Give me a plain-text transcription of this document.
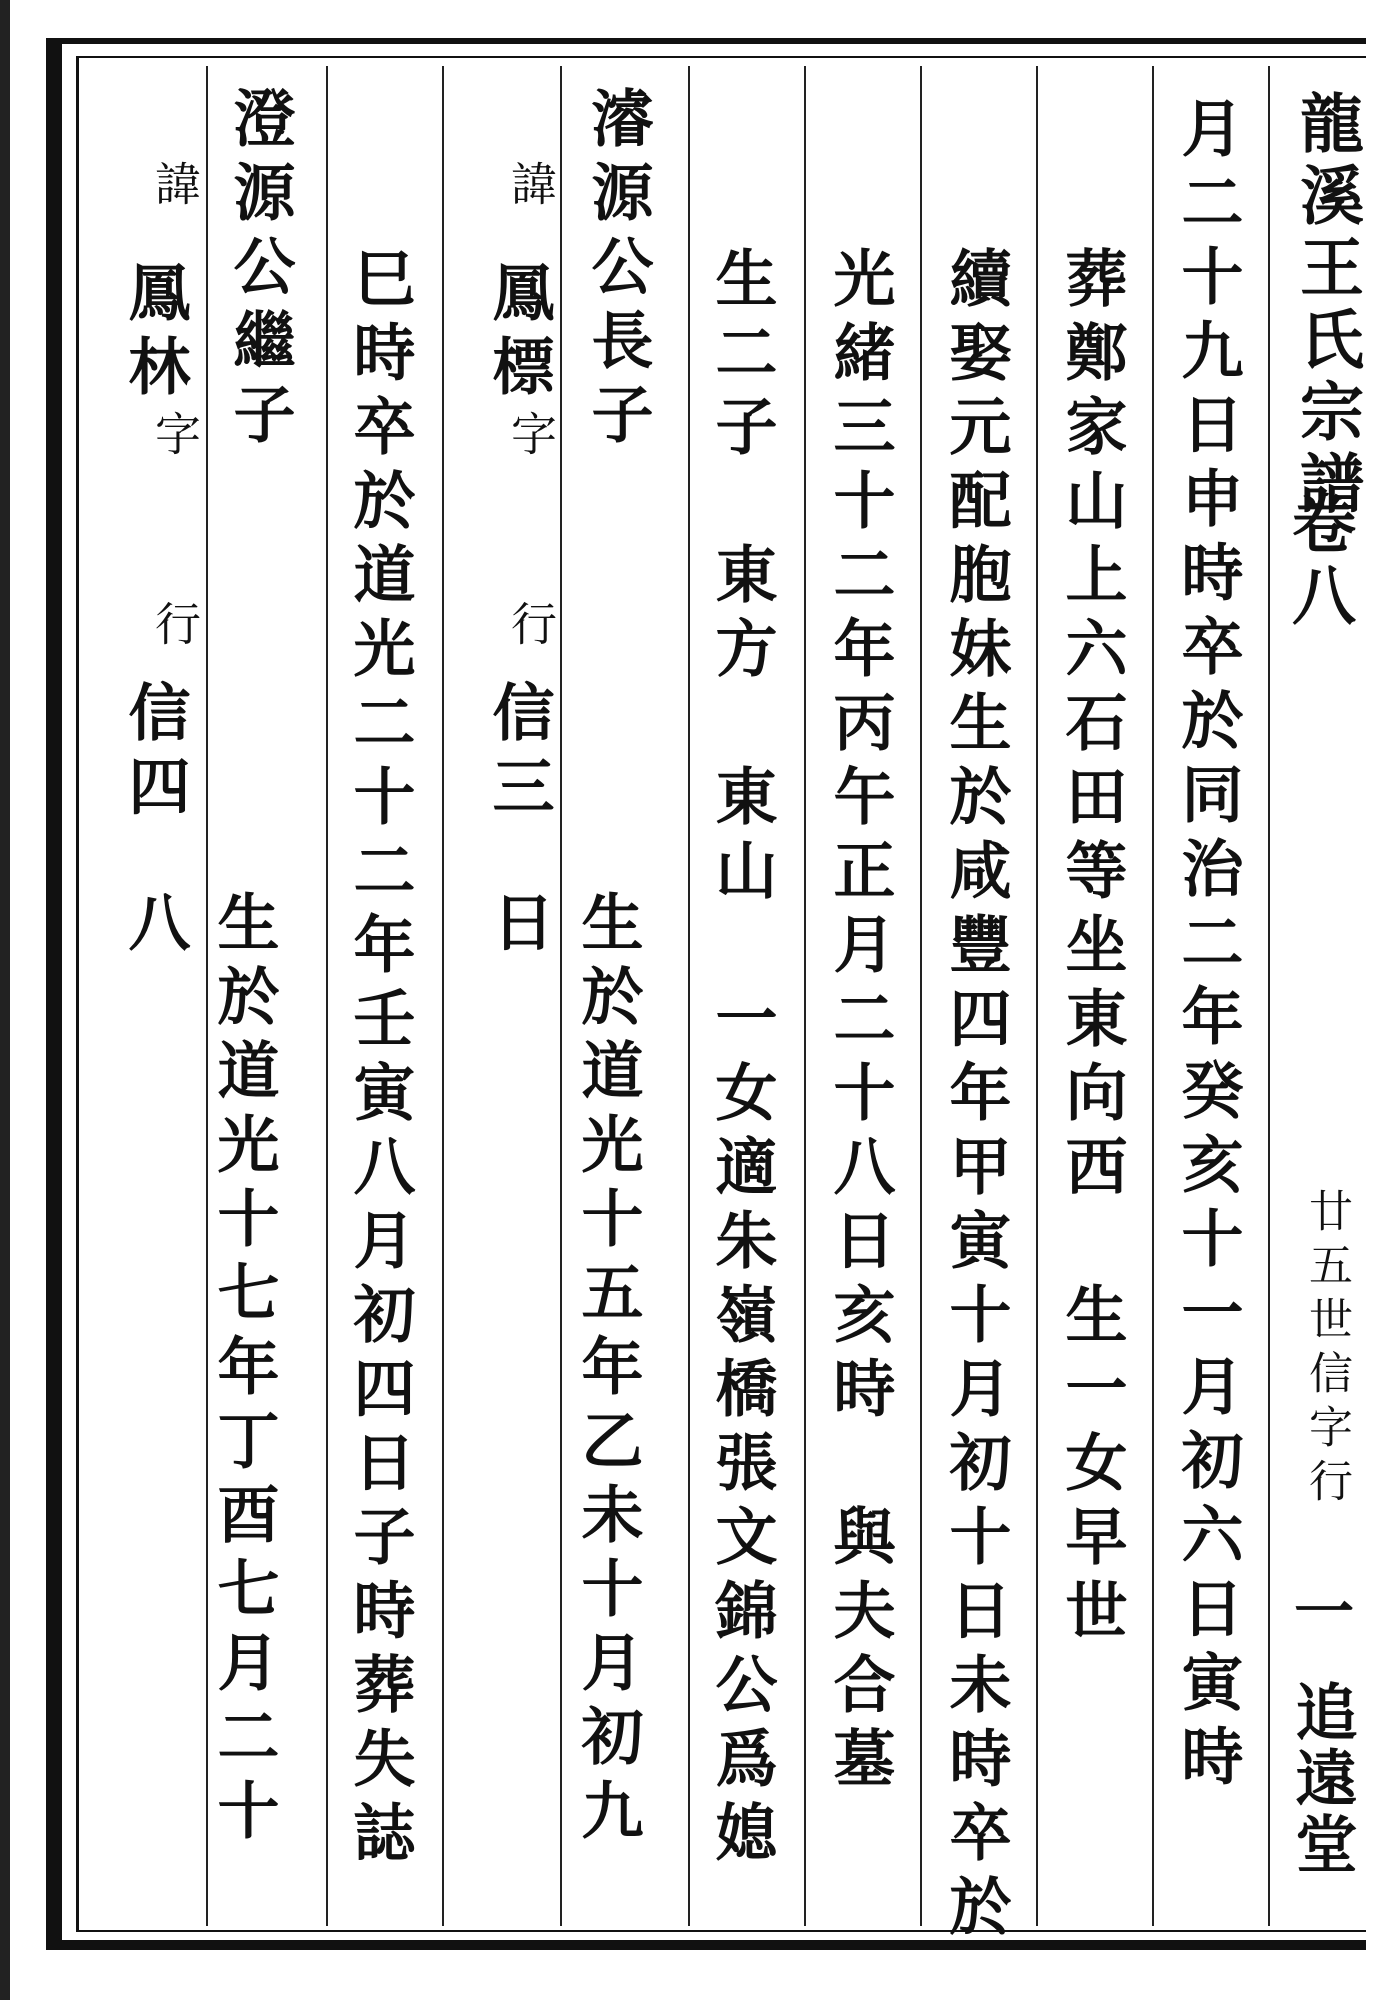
龍溪王氏宗譜
卷八
廿五世信字行
一
追遠堂
月二十九日申時卒於同治二年癸亥十一月初六日寅時
葬鄭家山上六石田等坐東向西　生一女早世
續娶元配胞妹生於咸豐四年甲寅十月初十日未時卒於
光緒三十二年丙午正月二十八日亥時　與夫合墓
生二子　東方　東山　一女適朱嶺橋張文錦公爲媳
濬源公長子
諱
鳳標
字
行
信三
生於道光十五年乙未十月初九日
巳時卒於道光二十二年壬寅八月初四日子時葬失誌
澄源公繼子
諱
鳳林
字
行
信四
生於道光十七年丁酉七月二十八
